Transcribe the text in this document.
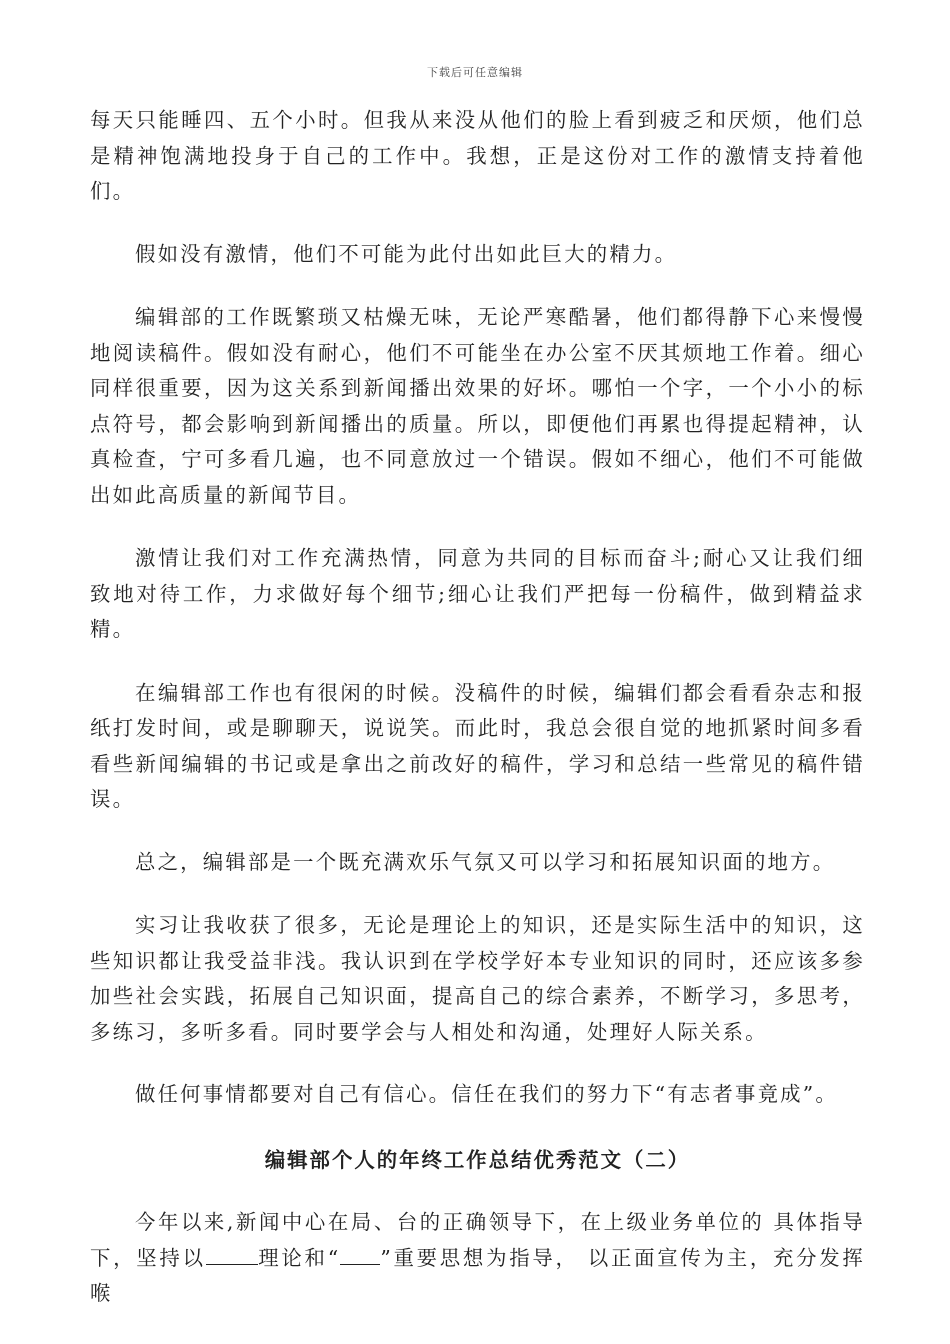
下载后可任意编辑

每天只能睡四、五个小时。但我从来没从他们的脸上看到疲乏和厌烦，他们总是精神饱满地投身于自己的工作中。我想，正是这份对工作的激情支持着他们。

假如没有激情，他们不可能为此付出如此巨大的精力。

编辑部的工作既繁琐又枯燥无味，无论严寒酷暑，他们都得静下心来慢慢地阅读稿件。假如没有耐心，他们不可能坐在办公室不厌其烦地工作着。细心同样很重要，因为这关系到新闻播出效果的好坏。哪怕一个字，一个小小的标点符号，都会影响到新闻播出的质量。所以，即便他们再累也得提起精神，认真检查，宁可多看几遍，也不同意放过一个错误。假如不细心，他们不可能做出如此高质量的新闻节目。

激情让我们对工作充满热情，同意为共同的目标而奋斗;耐心又让我们细致地对待工作，力求做好每个细节;细心让我们严把每一份稿件，做到精益求精。

在编辑部工作也有很闲的时候。没稿件的时候，编辑们都会看看杂志和报纸打发时间，或是聊聊天，说说笑。而此时，我总会很自觉的地抓紧时间多看看些新闻编辑的书记或是拿出之前改好的稿件，学习和总结一些常见的稿件错误。

总之，编辑部是一个既充满欢乐气氛又可以学习和拓展知识面的地方。

实习让我收获了很多，无论是理论上的知识，还是实际生活中的知识，这些知识都让我受益非浅。我认识到在学校学好本专业知识的同时，还应该多参加些社会实践，拓展自己知识面，提高自己的综合素养，不断学习，多思考，多练习，多听多看。同时要学会与人相处和沟通，处理好人际关系。

做任何事情都要对自己有信心。信任在我们的努力下“有志者事竟成”。

编辑部个人的年终工作总结优秀范文（二）

今年以来,新闻中心在局、台的正确领导下，在上级业务单位的 具体指导下，坚持以	理论和“ ”重要思想为指导， 以正面宣传为主，充分发挥喉
